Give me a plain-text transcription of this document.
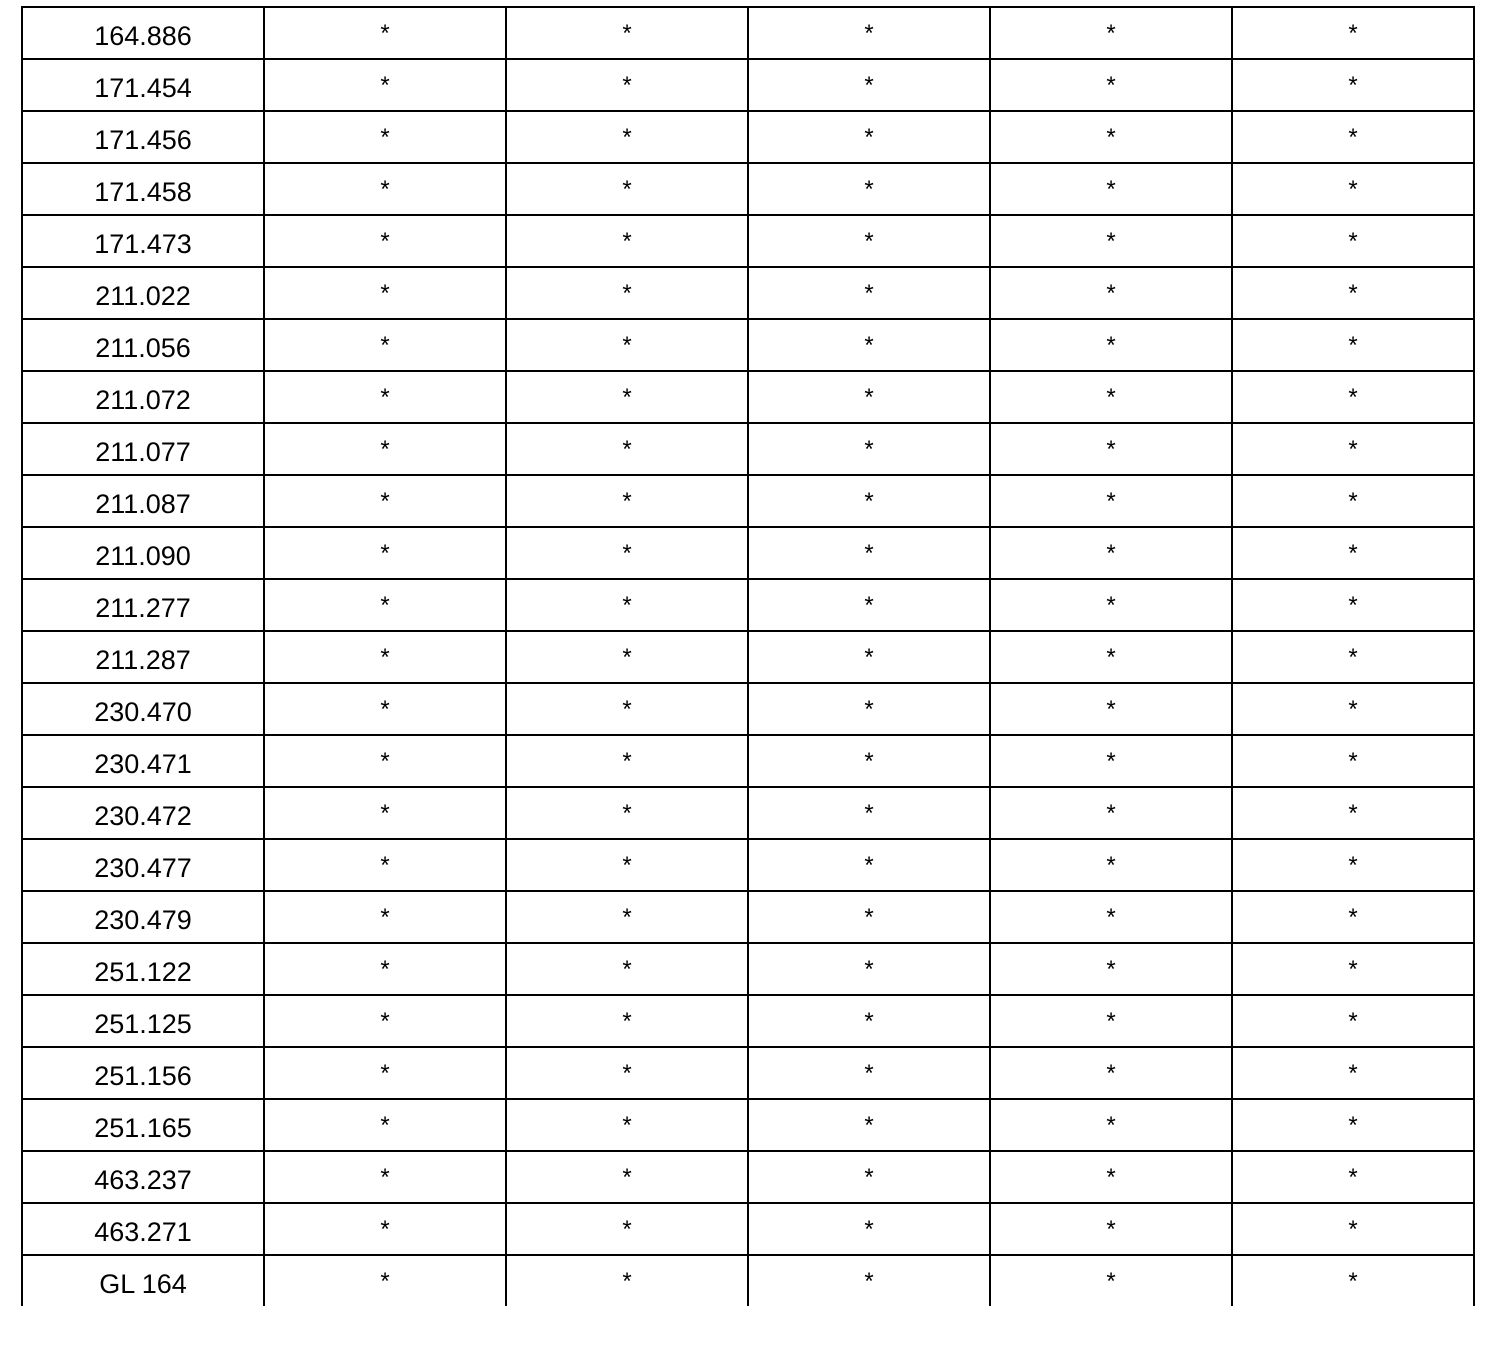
164.886	*	*	*	*	*
171.454	*	*	*	*	*
171.456	*	*	*	*	*
171.458	*	*	*	*	*
171.473	*	*	*	*	*
211.022	*	*	*	*	*
211.056	*	*	*	*	*
211.072	*	*	*	*	*
211.077	*	*	*	*	*
211.087	*	*	*	*	*
211.090	*	*	*	*	*
211.277	*	*	*	*	*
211.287	*	*	*	*	*
230.470	*	*	*	*	*
230.471	*	*	*	*	*
230.472	*	*	*	*	*
230.477	*	*	*	*	*
230.479	*	*	*	*	*
251.122	*	*	*	*	*
251.125	*	*	*	*	*
251.156	*	*	*	*	*
251.165	*	*	*	*	*
463.237	*	*	*	*	*
463.271	*	*	*	*	*
GL 164	*	*	*	*	*
